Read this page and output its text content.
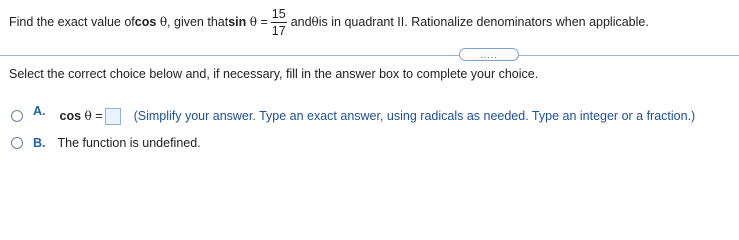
Find the exact value of cos
θ , given that sin
θ
= $\frac{15}{17}$ and θ is in quadrant II. Rationalize denominators when applicable.
.....
Select the correct choice below and, if necessary, fill in the answer box to complete your choice.
A. cos
θ
= (Simplify your answer. Type an exact answer, using radicals as needed. Type an integer or a fraction.)
B. The function is undefined.
